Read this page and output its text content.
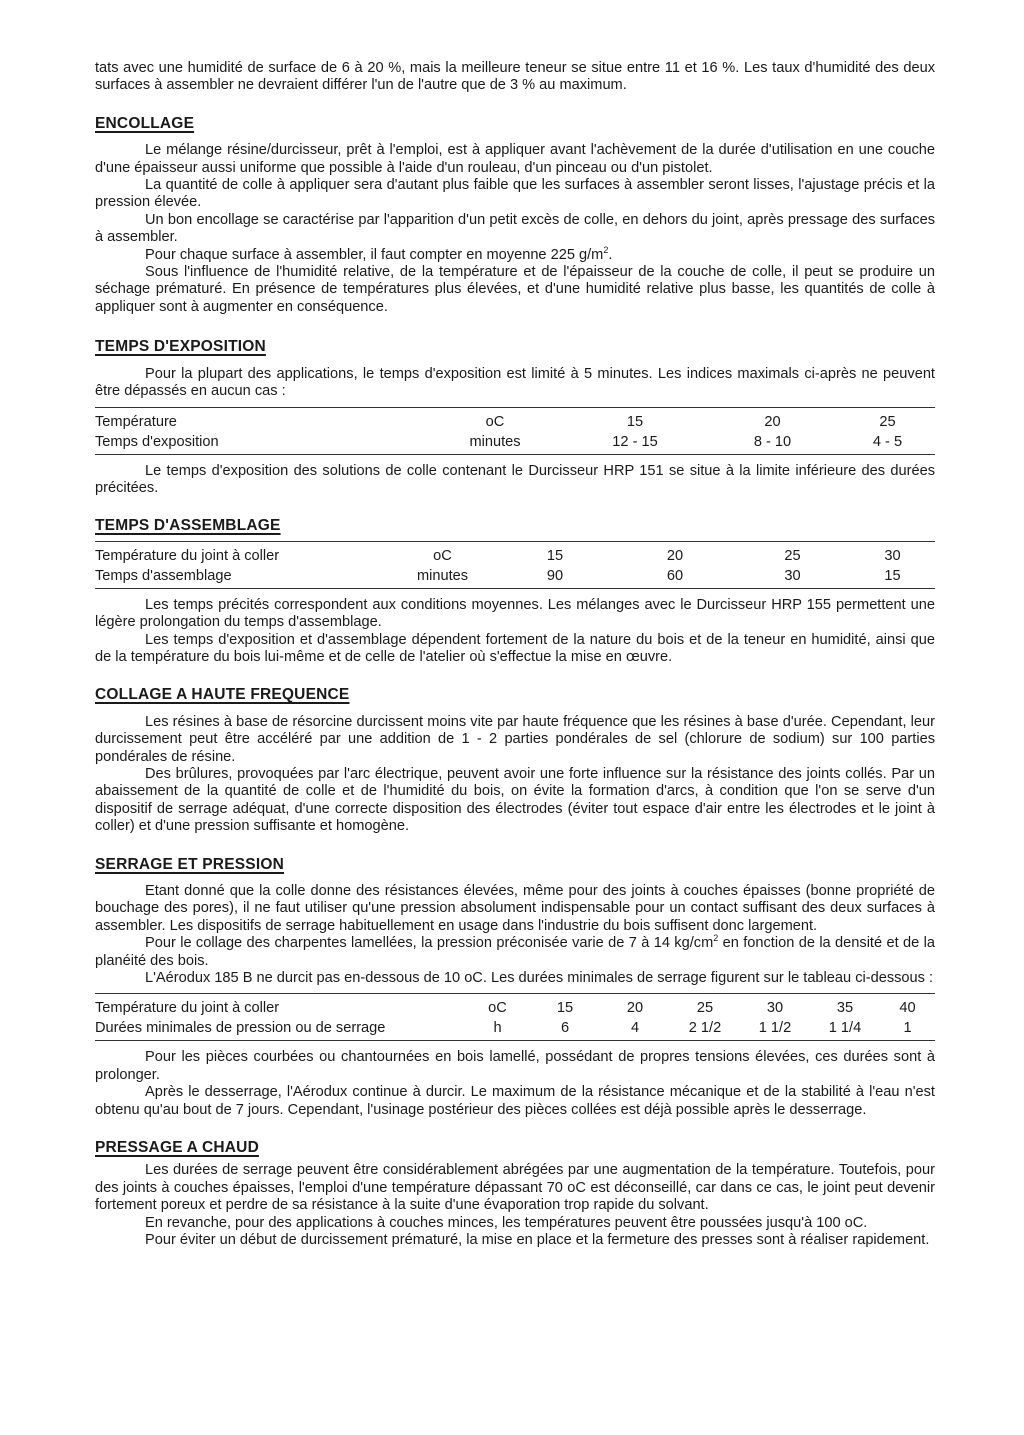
tats avec une humidité de surface de 6 à 20 %, mais la meilleure teneur se situe entre 11 et 16 %. Les taux d'humidité des deux surfaces à assembler ne devraient différer l'un de l'autre que de 3 % au maximum.

ENCOLLAGE

Le mélange résine/durcisseur, prêt à l'emploi, est à appliquer avant l'achèvement de la durée d'utilisation en une couche d'une épaisseur aussi uniforme que possible à l'aide d'un rouleau, d'un pinceau ou d'un pistolet.

La quantité de colle à appliquer sera d'autant plus faible que les surfaces à assembler seront lisses, l'ajustage précis et la pression élevée.

Un bon encollage se caractérise par l'apparition d'un petit excès de colle, en dehors du joint, après pressage des surfaces à assembler.

Pour chaque surface à assembler, il faut compter en moyenne 225 $g/m^2$.

Sous l'influence de l'humidité relative, de la température et de l'épaisseur de la couche de colle, il peut se produire un séchage prématuré. En présence de températures plus élevées, et d'une humidité relative plus basse, les quantités de colle à appliquer sont à augmenter en conséquence.

TEMPS D'EXPOSITION

Pour la plupart des applications, le temps d'exposition est limité à 5 minutes. Les indices maximals ci-après ne peuvent être dépassés en aucun cas :

Température	oC	15	20	25
Temps d'exposition	minutes	12 - 15	8 - 10	4 - 5

Le temps d'exposition des solutions de colle contenant le Durcisseur HRP 151 se situe à la limite inférieure des durées précitées.

TEMPS D'ASSEMBLAGE
Température du joint à coller	oC	15	20	25	30
Temps d'assemblage	minutes	90	60	30	15

Les temps précités correspondent aux conditions moyennes. Les mélanges avec le Durcisseur HRP 155 permettent une légère prolongation du temps d'assemblage.

Les temps d'exposition et d'assemblage dépendent fortement de la nature du bois et de la teneur en humidité, ainsi que de la température du bois lui-même et de celle de l'atelier où s'effectue la mise en œuvre.

COLLAGE A HAUTE FREQUENCE

Les résines à base de résorcine durcissent moins vite par haute fréquence que les résines à base d'urée. Cependant, leur durcissement peut être accéléré par une addition de 1 - 2 parties pondérales de sel (chlorure de sodium) sur 100 parties pondérales de résine.

Des brûlures, provoquées par l'arc électrique, peuvent avoir une forte influence sur la résistance des joints collés. Par un abaissement de la quantité de colle et de l'humidité du bois, on évite la formation d'arcs, à condition que l'on se serve d'un dispositif de serrage adéquat, d'une correcte disposition des électrodes (éviter tout espace d'air entre les électrodes et le joint à coller) et d'une pression suffisante et homogène.

SERRAGE ET PRESSION

Etant donné que la colle donne des résistances élevées, même pour des joints à couches épaisses (bonne propriété de bouchage des pores), il ne faut utiliser qu'une pression absolument indispensable pour un contact suffisant des deux surfaces à assembler. Les dispositifs de serrage habituellement en usage dans l'industrie du bois suffisent donc largement.

Pour le collage des charpentes lamellées, la pression préconisée varie de 7 à 14 $kg/cm^2$ en fonction de la densité et de la planéité des bois.

L'Aérodux 185 B ne durcit pas en-dessous de 10 oC. Les durées minimales de serrage figurent sur le tableau ci-dessous :

Température du joint à coller	oC	15	20	25	30	35	40
Durées minimales de pression ou de serrage	h	6	4	2 1/2	1 1/2	1 1/4	1

Pour les pièces courbées ou chantournées en bois lamellé, possédant de propres tensions élevées, ces durées sont à prolonger.

Après le desserrage, l'Aérodux continue à durcir. Le maximum de la résistance mécanique et de la stabilité à l'eau n'est obtenu qu'au bout de 7 jours. Cependant, l'usinage postérieur des pièces collées est déjà possible après le desserrage.

PRESSAGE A CHAUD

Les durées de serrage peuvent être considérablement abrégées par une augmentation de la température. Toutefois, pour des joints à couches épaisses, l'emploi d'une température dépassant 70 oC est déconseillé, car dans ce cas, le joint peut devenir fortement poreux et perdre de sa résistance à la suite d'une évaporation trop rapide du solvant.

En revanche, pour des applications à couches minces, les températures peuvent être poussées jusqu'à 100 oC.

Pour éviter un début de durcissement prématuré, la mise en place et la fermeture des presses sont à réaliser rapidement.
